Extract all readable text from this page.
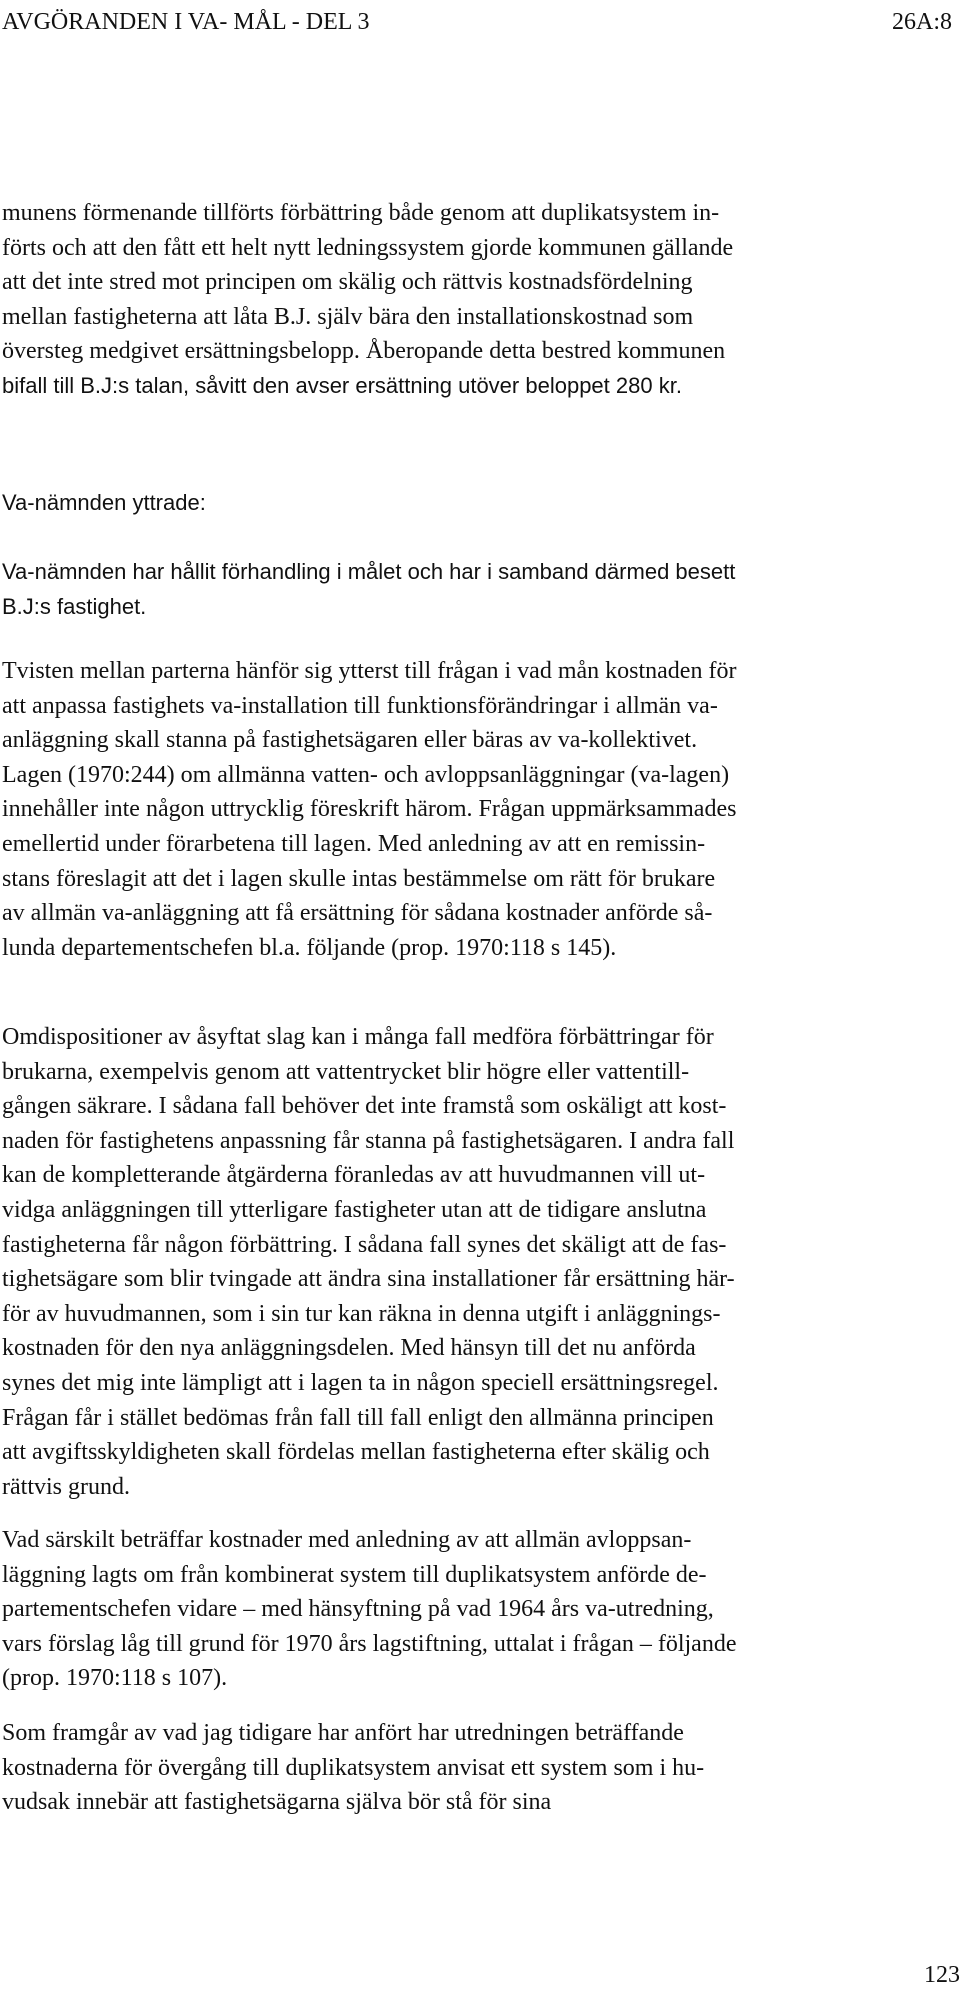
AVGÖRANDEN I VA- MÅL - DEL 3	26A:8
munens förmenande tillförts förbättring både genom att duplikatsystem in-
förts och att den fått ett helt nytt ledningssystem gjorde kommunen gällande
att det inte stred mot principen om skälig och rättvis kostnadsfördelning
mellan fastigheterna att låta B.J. själv bära den installationskostnad som
översteg medgivet ersättningsbelopp. Åberopande detta bestred kommunen
bifall till B.J:s talan, såvitt den avser ersättning utöver beloppet 280 kr.
Va-nämnden yttrade:
Va-nämnden har hållit förhandling i målet och har i samband därmed besett
B.J:s fastighet.
Tvisten mellan parterna hänför sig ytterst till frågan i vad mån kostnaden för
att anpassa fastighets va-installation till funktionsförändringar i allmän va-
anläggning skall stanna på fastighetsägaren eller bäras av va-kollektivet.
Lagen (1970:244) om allmänna vatten- och avloppsanläggningar (va-lagen)
innehåller inte någon uttrycklig föreskrift härom. Frågan uppmärksammades
emellertid under förarbetena till lagen. Med anledning av att en remissin-
stans föreslagit att det i lagen skulle intas bestämmelse om rätt för brukare
av allmän va-anläggning att få ersättning för sådana kostnader anförde så-
lunda departementschefen bl.a. följande (prop. 1970:118 s 145).
Omdispositioner av åsyftat slag kan i många fall medföra förbättringar för
brukarna, exempelvis genom att vattentrycket blir högre eller vattentill-
gången säkrare. I sådana fall behöver det inte framstå som oskäligt att kost-
naden för fastighetens anpassning får stanna på fastighetsägaren. I andra fall
kan de kompletterande åtgärderna föranledas av att huvudmannen vill ut-
vidga anläggningen till ytterligare fastigheter utan att de tidigare anslutna
fastigheterna får någon förbättring. I sådana fall synes det skäligt att de fas-
tighetsägare som blir tvingade att ändra sina installationer får ersättning här-
för av huvudmannen, som i sin tur kan räkna in denna utgift i anläggnings-
kostnaden för den nya anläggningsdelen. Med hänsyn till det nu anförda
synes det mig inte lämpligt att i lagen ta in någon speciell ersättningsregel.
Frågan får i stället bedömas från fall till fall enligt den allmänna principen
att avgiftsskyldigheten skall fördelas mellan fastigheterna efter skälig och
rättvis grund.
Vad särskilt beträffar kostnader med anledning av att allmän avloppsan-
läggning lagts om från kombinerat system till duplikatsystem anförde de-
partementschefen vidare – med hänsyftning på vad 1964 års va-utredning,
vars förslag låg till grund för 1970 års lagstiftning, uttalat i frågan – följande
(prop. 1970:118 s 107).
Som framgår av vad jag tidigare har anfört har utredningen beträffande
kostnaderna för övergång till duplikatsystem anvisat ett system som i hu-
vudsak innebär att fastighetsägarna själva bör stå för sina
123
